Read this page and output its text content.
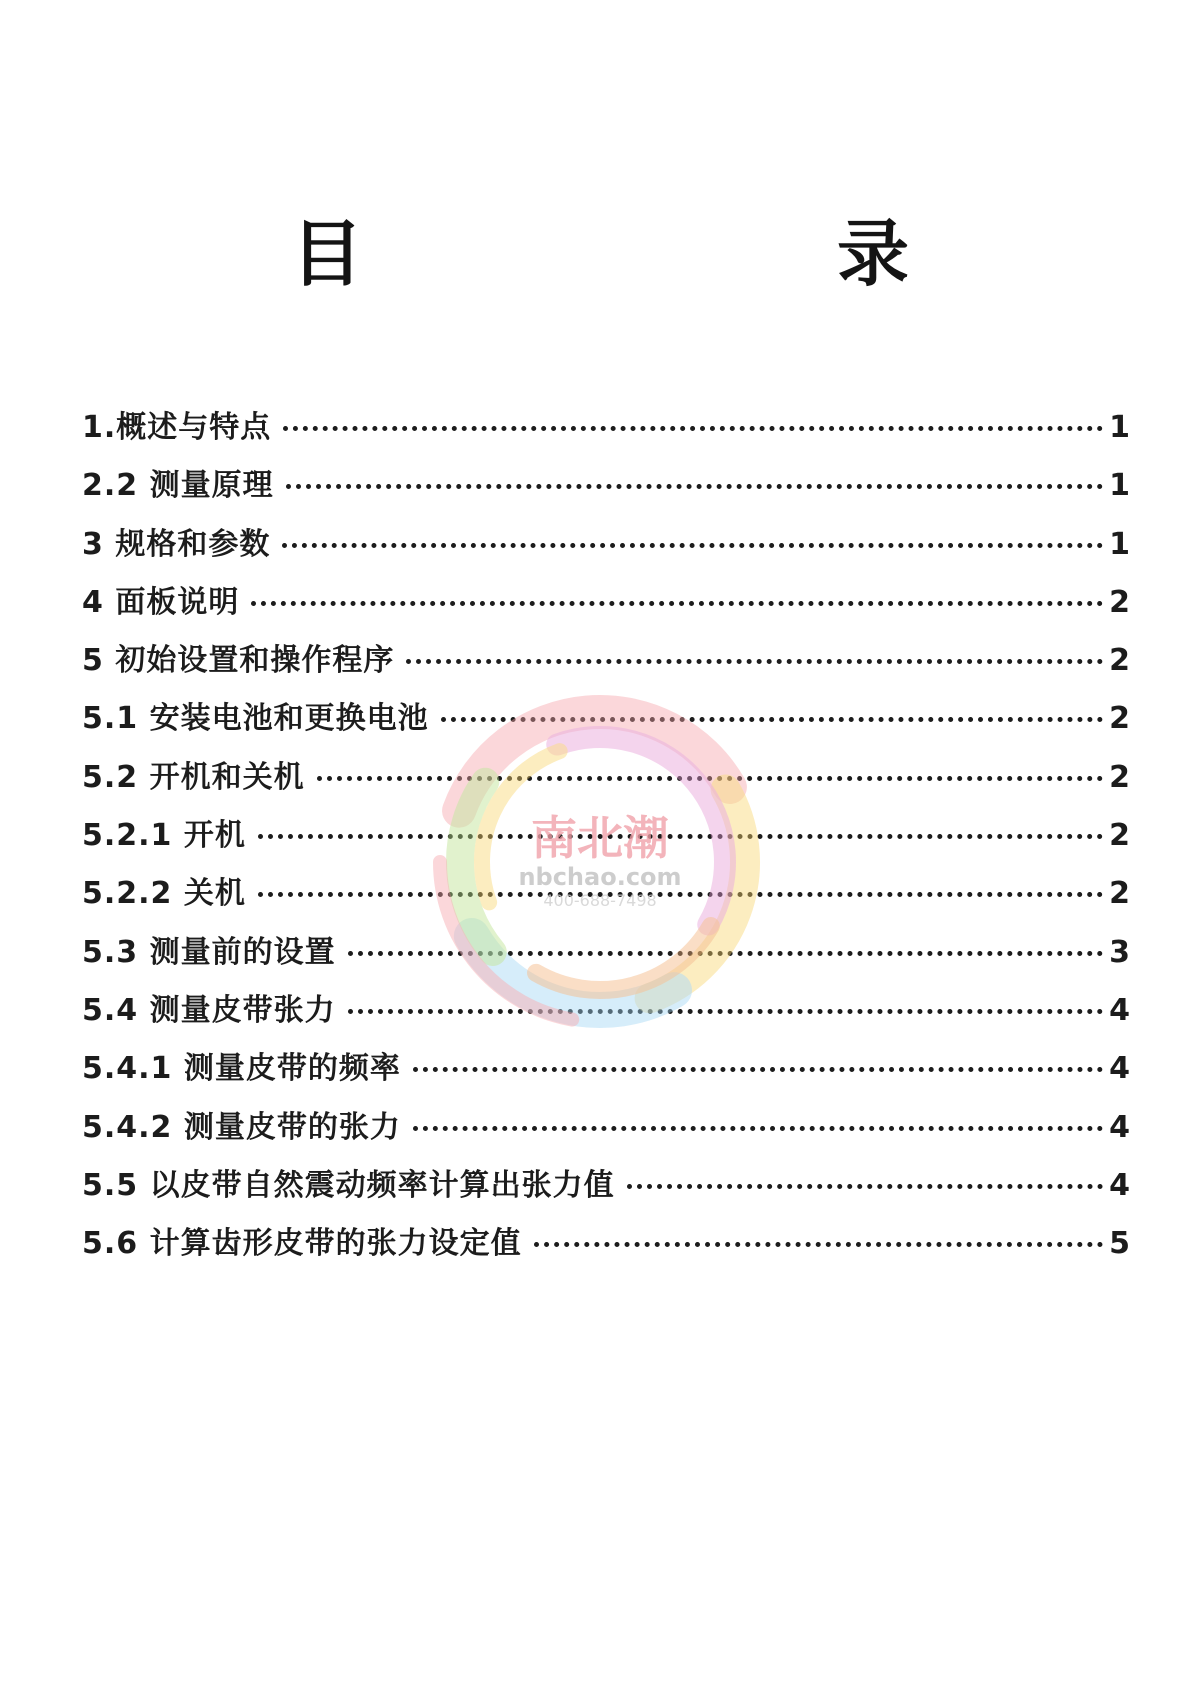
目　　录
1.概述与特点	1
2.2 测量原理	1
3 规格和参数	1
4 面板说明	2
5 初始设置和操作程序	2
5.1 安装电池和更换电池	2
5.2 开机和关机	2
5.2.1 开机	2
5.2.2 关机	2
5.3 测量前的设置	3
5.4 测量皮带张力	4
5.4.1 测量皮带的频率	4
5.4.2 测量皮带的张力	4
5.5 以皮带自然震动频率计算出张力值	4
5.6 计算齿形皮带的张力设定值	5
南北潮
nbchao.com
400-688-7498
